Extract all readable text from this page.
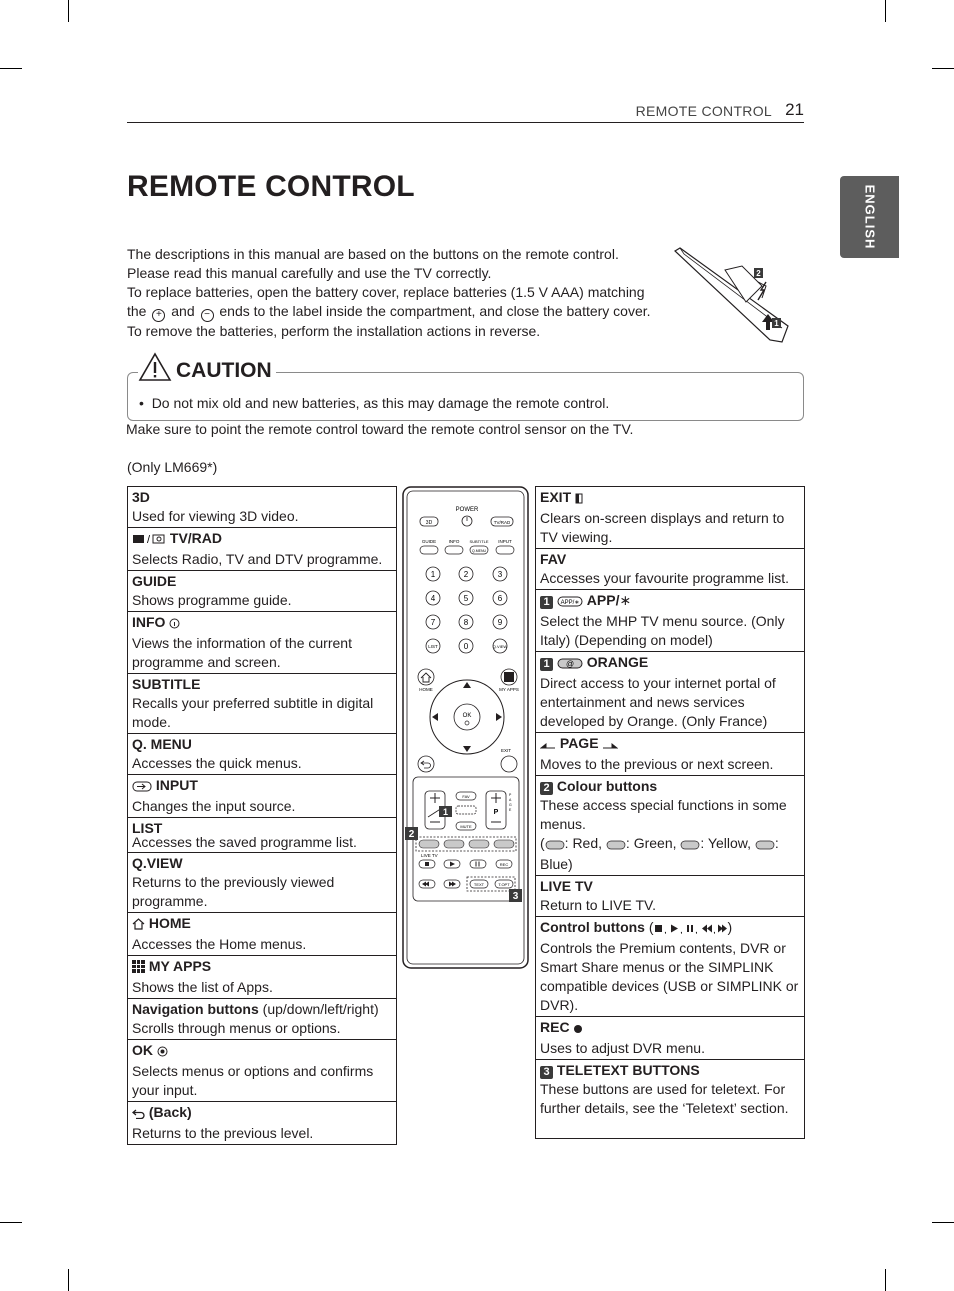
REMOTE CONTROL 21
ENGLISH
REMOTE CONTROL

The descriptions in this manual are based on the buttons on the remote control.

Please read this manual carefully and use the TV correctly.

To replace batteries, open the battery cover, replace batteries (1.5 V AAA) matching

the + and − ends to the label inside the compartment, and close the battery cover.

To remove the batteries, perform the installation actions in reverse.

2
1
CAUTION
•  Do not mix old and new batteries, as this may damage the remote control.
Make sure to point the remote control toward the remote control sensor on the TV.
(Only LM669*)
3D
Used for viewing 3D video.

/ TV/RAD
Selects Radio, TV and DTV programme.
GUIDE
Shows programme guide.
INFO
Views the information of the current programme and screen.
SUBTITLE
Recalls your preferred subtitle in digital mode.
Q. MENU
Accesses the quick menus.
INPUT
Changes the input source.
LIST
Accesses the saved programme list.
Q.VIEW
Returns to the previously viewed programme.
HOME
Accesses the Home menus.
MY APPS
Shows the list of Apps.
Navigation buttons (up/down/left/right)
Scrolls through menus or options.
OK
Selects menus or options and confirms your input.
(Back)
Returns to the previous level.
POWER
3D	TV/RAD
GUIDE	INFO	SUBTITLE INPUT
Q.MENU
1	2	3
4	5	6
7	8	9
LIST	0	Q.VIEW
HOME	MY APPS
OK
EXIT
P
P A G E
FAV
MUTE
1
2
LIVE TV
REC
TEXT	T.OPT
3
EXIT
Clears on-screen displays and return to TV viewing.
FAV
Accesses your favourite programme list.
1 APP/∗ APP/∗
Select the MHP TV menu source. (Only Italy) (Depending on model)
1 @ ORANGE
Direct access to your internet portal of entertainment and news services developed by Orange. (Only France)
PAGE
Moves to the previous or next screen.
2 Colour buttons
These access special functions in some menus.
( : Red, : Green, : Yellow, : Blue)
LIVE TV
Return to LIVE TV.
Control buttons ( , , , , )
Controls the Premium contents, DVR or Smart Share menus or the SIMPLINK compatible devices (USB or SIMPLINK or DVR).
REC
Uses to adjust DVR menu.
3 TELETEXT BUTTONS
These buttons are used for teletext. For further details, see the ‘Teletext’ section.
